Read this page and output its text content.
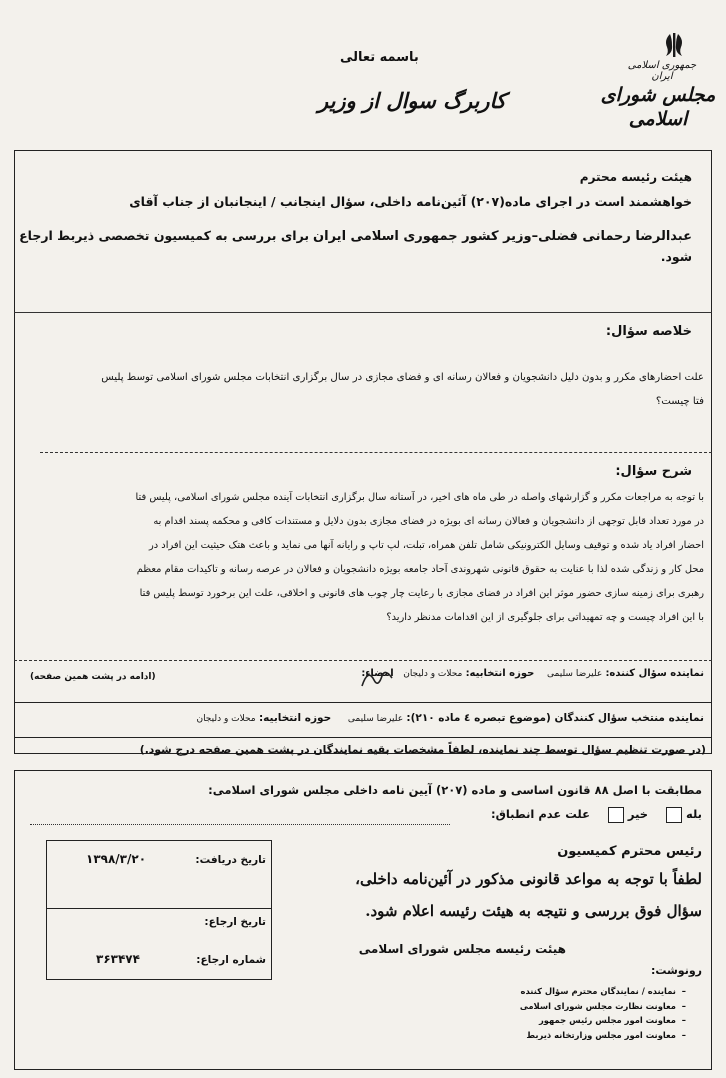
جمهوری اسلامی ایران
مجلس شورای اسلامی
باسمه تعالی
کاربرگ سوال از وزیر
هیئت رئیسه محترم
خواهشمند است در اجرای ماده(۲۰۷) آئین‌نامه داخلی، سؤال اینجانب / اینجانبان از جناب آقای
عبدالرضا رحمانی فضلی–وزیر کشور جمهوری اسلامی ایران برای بررسی به کمیسیون تخصصی ذیربط ارجاع شود.
خلاصه سؤال:
علت احضارهای مکرر و بدون دلیل دانشجویان و فعالان رسانه ای و فضای مجازی در سال برگزاری انتخابات مجلس شورای اسلامی توسط پلیس
فتا چیست؟
شرح سؤال:
با توجه به مراجعات مکرر و گزارشهای واصله در طی ماه های اخیر، در آستانه سال برگزاری انتخابات آینده مجلس شورای اسلامی، پلیس فتا
در مورد تعداد قابل توجهی از دانشجویان و فعالان رسانه ای بویژه در فضای مجازی بدون دلایل و مستندات کافی و محکمه پسند اقدام به
احضار افراد یاد شده و توقیف وسایل الکترونیکی شامل تلفن همراه، تبلت، لپ تاپ و رایانه آنها می نماید و باعث هتک حیثیت این افراد در
محل کار و زندگی شده لذا با عنایت به حقوق قانونی شهروندی آحاد جامعه بویژه دانشجویان و فعالان در عرصه رسانه و تاکیدات مقام معظم
رهبری برای زمینه سازی حضور موثر این افراد در فضای مجازی با رعایت چار چوب های قانونی و اخلاقی، علت این برخورد توسط پلیس فتا
با این افراد چیست و چه تمهیداتی برای جلوگیری از این اقدامات مدنظر دارید؟
نماینده سؤال کننده: علیرضا سلیمی    حوزه انتخابیه: محلات و دلیجان   امضاء:
(ادامه در پشت همین صفحه)
نماینده منتخب سؤال کنندگان (موضوع تبصره ٤ ماده ۲۱۰): علیرضا سلیمی     حوزه انتخابیه: محلات و دلیجان
(در صورت تنظیم سؤال توسط چند نماینده، لطفاً مشخصات بقیه نمایندگان در پشت همین صفحه درج شود.)
مطابقت با اصل ۸۸ قانون اساسی و ماده (۲۰۷) آیین نامه داخلی مجلس شورای اسلامی:
بله      خیر      علت عدم انطباق:
رئیس محترم کمیسیون
لطفاً با توجه به مواعد قانونی مذکور در آئین‌نامه داخلی،
سؤال فوق بررسی و نتیجه به هیئت رئیسه اعلام شود.
هیئت رئیسه مجلس شورای اسلامی
تاریخ دریافت:
۱۳۹۸/۳/۲۰
تاریخ ارجاع:
شماره ارجاع:
۳۶۳۴۷۴
رونوشت:
–  نماینده / نمایندگان محترم سؤال کننده
–  معاونت نظارت مجلس شورای اسلامی
–  معاونت امور مجلس رئیس جمهور
–  معاونت امور مجلس وزارتخانه ذیربط
